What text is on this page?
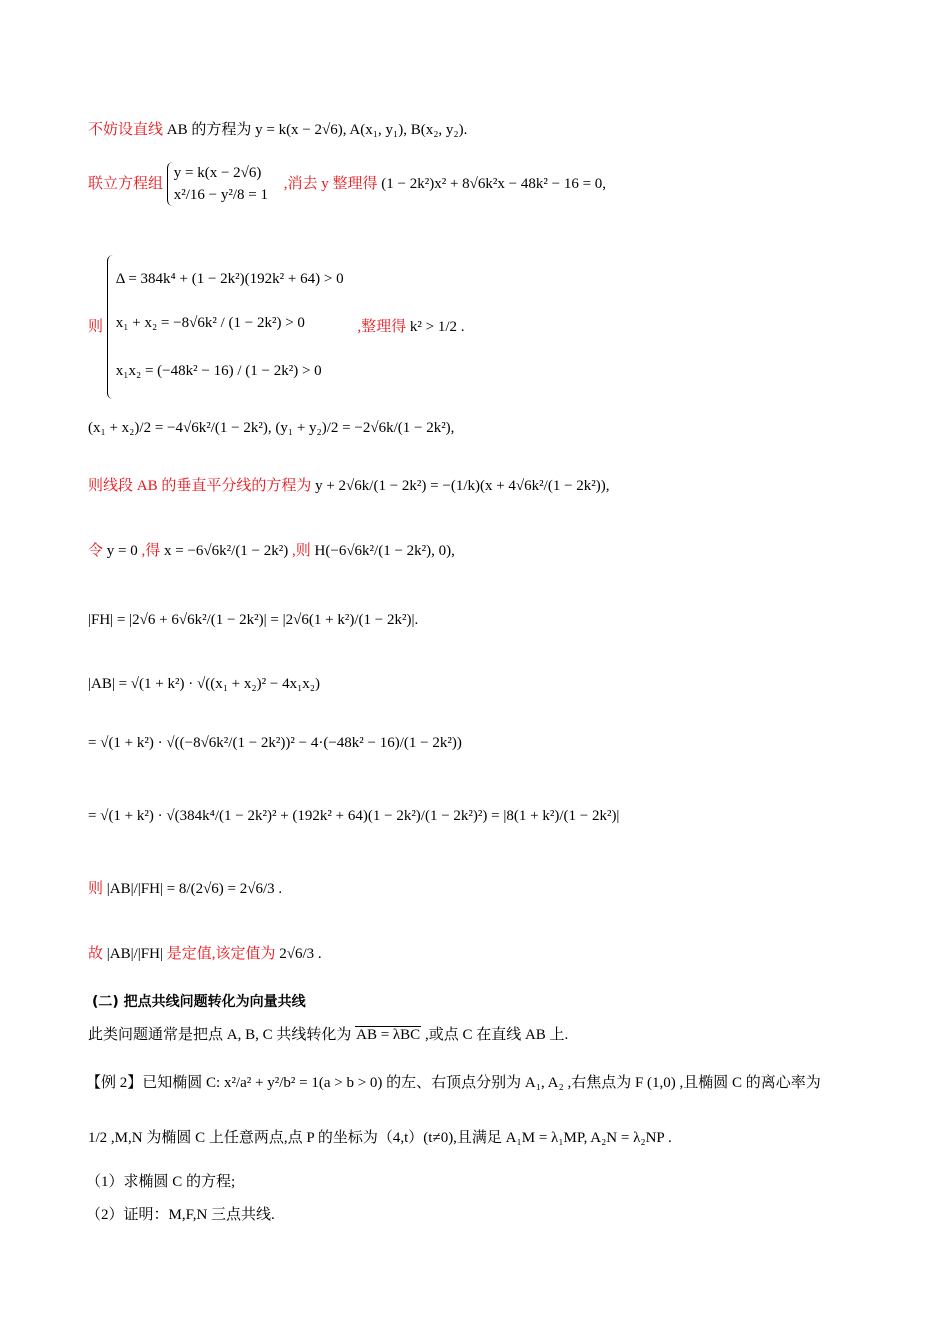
不妨设直线 AB 的方程为 y = k(x − 2√6), A(x₁, y₁), B(x₂, y₂).
联立方程组
y = k(x − 2√6)
x²/16 − y²/8 = 1
,消去 y 整理得 (1 − 2k²)x² + 8√6k²x − 48k² − 16 = 0,
则
Δ = 384k⁴ + (1 − 2k²)(192k² + 64) > 0
x₁ + x₂ = −8√6k² / (1 − 2k²) > 0
x₁x₂ = (−48k² − 16) / (1 − 2k²) > 0
,整理得 k² > 1/2 .
(x₁ + x₂)/2 = −4√6k²/(1 − 2k²), (y₁ + y₂)/2 = −2√6k/(1 − 2k²),
则线段 AB 的垂直平分线的方程为 y + 2√6k/(1 − 2k²) = −(1/k)(x + 4√6k²/(1 − 2k²)),
令 y = 0 ,得 x = −6√6k²/(1 − 2k²) ,则 H(−6√6k²/(1 − 2k²), 0),
|FH| = |2√6 + 6√6k²/(1 − 2k²)| = |2√6(1 + k²)/(1 − 2k²)|.
|AB| = √(1 + k²) · √((x₁ + x₂)² − 4x₁x₂)
= √(1 + k²) · √((−8√6k²/(1 − 2k²))² − 4·(−48k² − 16)/(1 − 2k²))
= √(1 + k²) · √(384k⁴/(1 − 2k²)² + (192k² + 64)(1 − 2k²)/(1 − 2k²)²) = |8(1 + k²)/(1 − 2k²)|
则 |AB|/|FH| = 8/(2√6) = 2√6/3 .
故 |AB|/|FH| 是定值,该定值为 2√6/3 .
(二) 把点共线问题转化为向量共线
此类问题通常是把点 A, B, C 共线转化为 AB = λBC ,或点 C 在直线 AB 上.
【例 2】已知椭圆 C: x²/a² + y²/b² = 1(a > b > 0) 的左、右顶点分别为 A₁, A₂ ,右焦点为 F (1,0) ,且椭圆 C 的离心率为
1/2 ,M,N 为椭圆 C 上任意两点,点 P 的坐标为（4,t）(t≠0),且满足 A₁M = λ₁MP, A₂N = λ₂NP .
（1）求椭圆 C 的方程;
（2）证明：M,F,N 三点共线.
